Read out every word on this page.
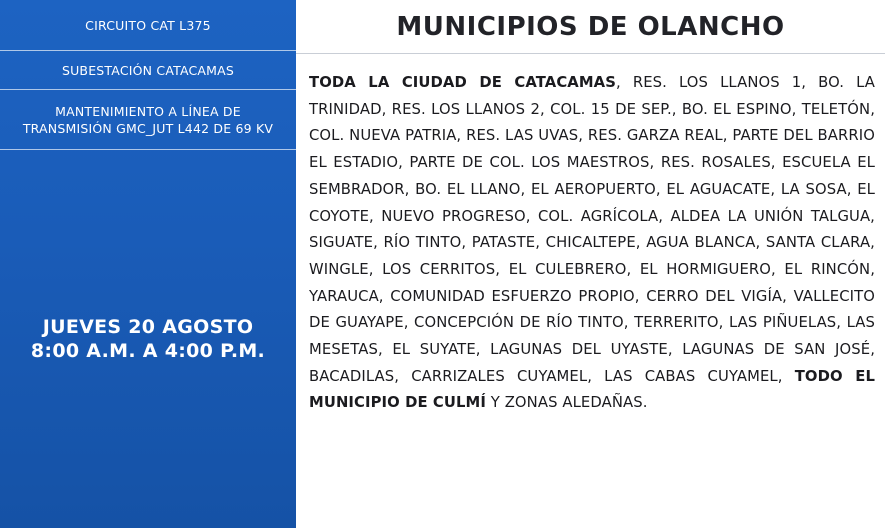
CIRCUITO CAT L375
SUBESTACIÓN CATACAMAS
MANTENIMIENTO A LÍNEA DE
TRANSMISIÓN GMC_JUT L442 DE 69 KV
JUEVES 20 AGOSTO
8:00 A.M. A 4:00 P.M.
MUNICIPIOS DE OLANCHO
TODA LA CIUDAD DE CATACAMAS, RES. LOS LLANOS 1, BO. LA TRINIDAD, RES. LOS LLANOS 2, COL. 15 DE SEP., BO. EL ESPINO, TELETÓN, COL. NUEVA PATRIA, RES. LAS UVAS, RES. GARZA REAL, PARTE DEL BARRIO EL ESTADIO, PARTE DE COL. LOS MAESTROS, RES. ROSALES, ESCUELA EL SEMBRADOR, BO. EL LLANO, EL AEROPUERTO, EL AGUACATE, LA SOSA, EL COYOTE, NUEVO PROGRESO, COL. AGRÍCOLA, ALDEA LA UNIÓN TALGUA, SIGUATE, RÍO TINTO, PATASTE, CHICALTEPE, AGUA BLANCA, SANTA CLARA, WINGLE, LOS CERRITOS, EL CULEBRERO, EL HORMIGUERO, EL RINCÓN, YARAUCA, COMUNIDAD ESFUERZO PROPIO, CERRO DEL VIGÍA, VALLECITO DE GUAYAPE, CONCEPCIÓN DE RÍO TINTO, TERRERITO, LAS PIÑUELAS, LAS MESETAS, EL SUYATE, LAGUNAS DEL UYASTE, LAGUNAS DE SAN JOSÉ, BACADILAS, CARRIZALES CUYAMEL, LAS CABAS CUYAMEL, TODO EL MUNICIPIO DE CULMÍ Y ZONAS ALEDAÑAS.
